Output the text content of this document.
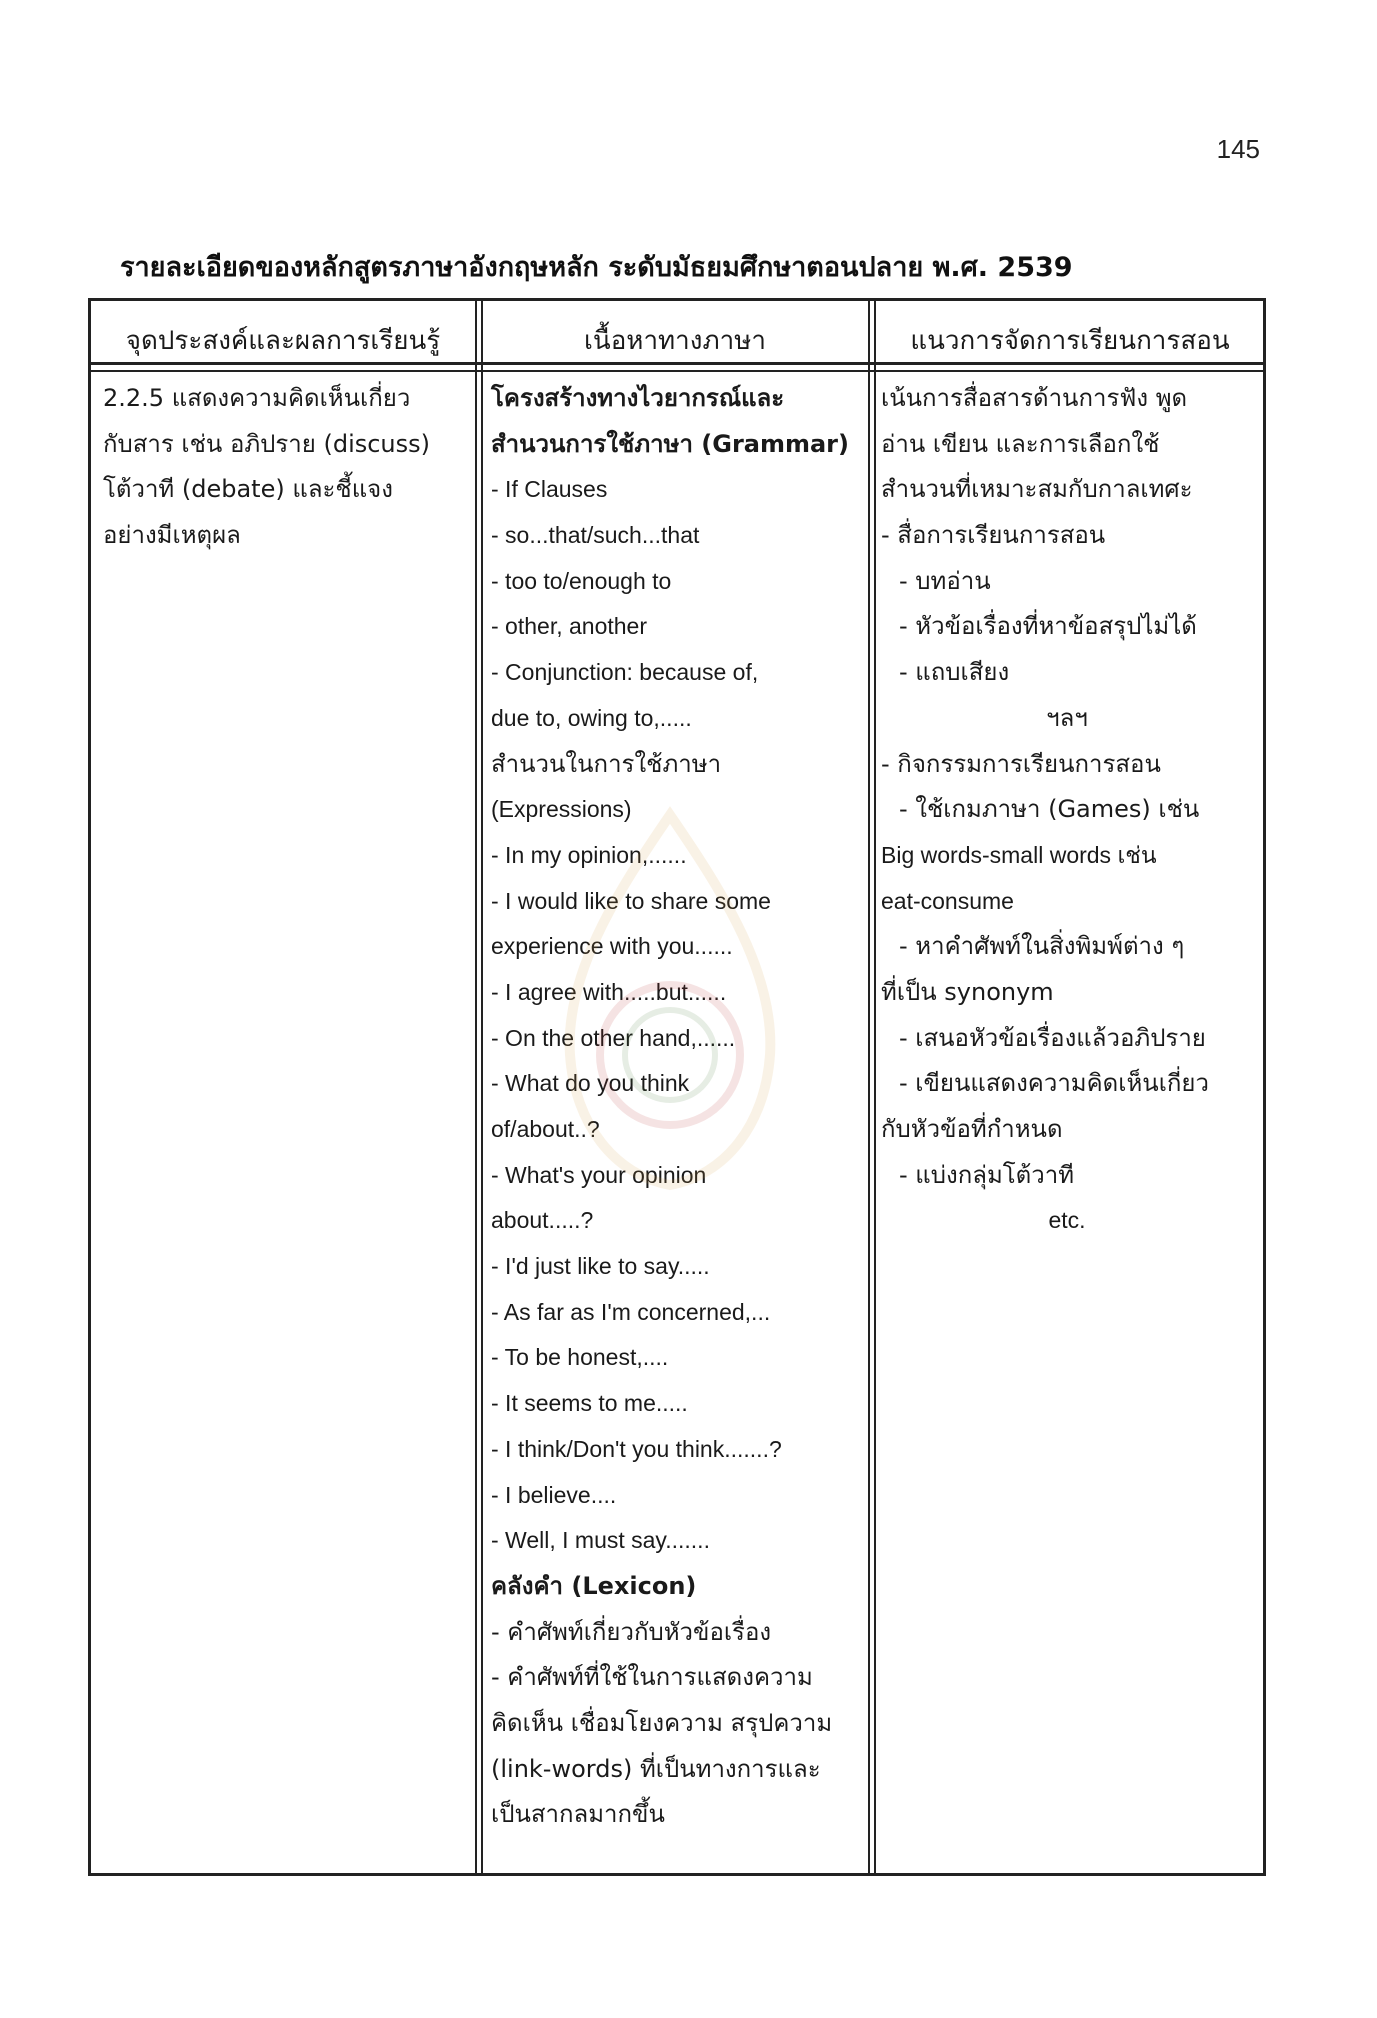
145
รายละเอียดของหลักสูตรภาษาอังกฤษหลัก ระดับมัธยมศึกษาตอนปลาย พ.ศ. 2539
จุดประสงค์และผลการเรียนรู้	เนื้อหาทางภาษา	แนวการจัดการเรียนการสอน
2.2.5 แสดงความคิดเห็นเกี่ยว
กับสาร เช่น อภิปราย (discuss)
โต้วาที (debate) และชี้แจง
อย่างมีเหตุผล
โครงสร้างทางไวยากรณ์และ
สำนวนการใช้ภาษา (Grammar)
- If Clauses
- so...that/such...that
- too to/enough to
- other, another
- Conjunction: because of,
due to, owing to,.....
สำนวนในการใช้ภาษา
(Expressions)
- In my opinion,......
- I would like to share some
experience with you......
- I agree with.....but......
- On the other hand,......
- What do you think
of/about..?
- What's your opinion
about.....?
- I'd just like to say.....
- As far as I'm concerned,...
- To be honest,....
- It seems to me.....
- I think/Don't you think.......?
- I believe....
- Well, I must say.......
คลังคำ (Lexicon)
- คำศัพท์เกี่ยวกับหัวข้อเรื่อง
- คำศัพท์ที่ใช้ในการแสดงความ
คิดเห็น เชื่อมโยงความ สรุปความ
(link-words) ที่เป็นทางการและ
เป็นสากลมากขึ้น
เน้นการสื่อสารด้านการฟัง พูด
อ่าน เขียน และการเลือกใช้
สำนวนที่เหมาะสมกับกาลเทศะ
- สื่อการเรียนการสอน
- บทอ่าน
- หัวข้อเรื่องที่หาข้อสรุปไม่ได้
- แถบเสียง
ฯลฯ
- กิจกรรมการเรียนการสอน
- ใช้เกมภาษา (Games) เช่น
Big words-small words เช่น
eat-consume
- หาคำศัพท์ในสิ่งพิมพ์ต่าง ๆ
ที่เป็น synonym
- เสนอหัวข้อเรื่องแล้วอภิปราย
- เขียนแสดงความคิดเห็นเกี่ยว
กับหัวข้อที่กำหนด
- แบ่งกลุ่มโต้วาที
etc.
